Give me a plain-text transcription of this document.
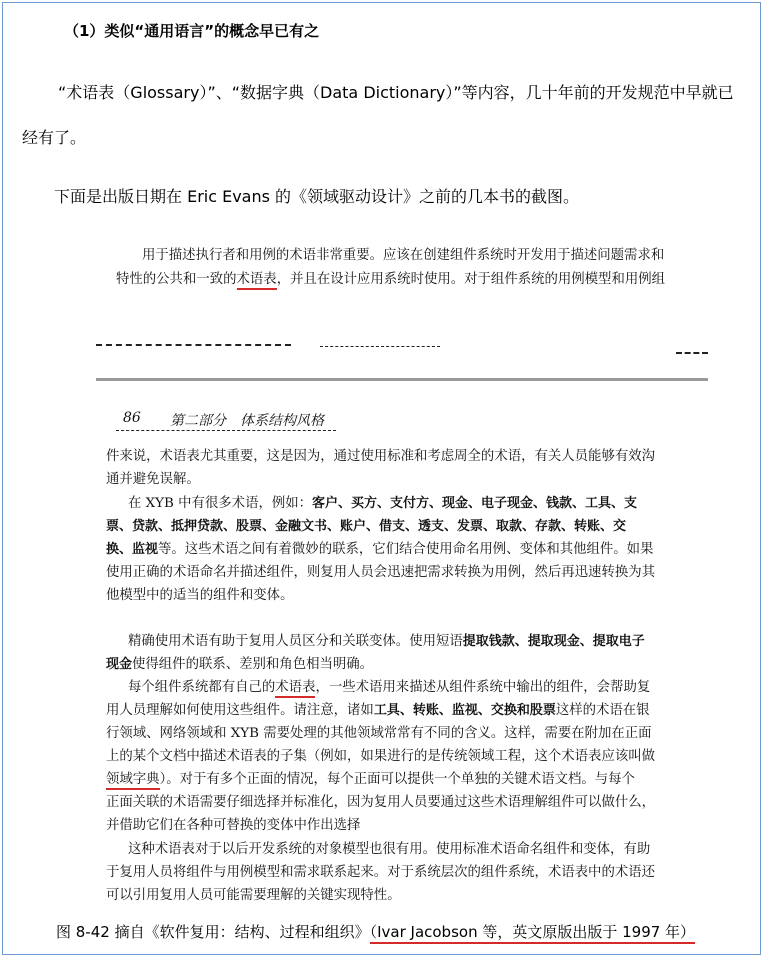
（1）类似“通用语言”的概念早已有之
“术语表（Glossary）”、“数据字典（Data Dictionary）”等内容，几十年前的开发规范中早就已
经有了。
下面是出版日期在 Eric Evans 的《领域驱动设计》之前的几本书的截图。
用于描述执行者和用例的术语非常重要。应该在创建组件系统时开发用于描述问题需求和
特性的公共和一致的术语表，并且在设计应用系统时使用。对于组件系统的用例模型和用例组
86 第二部分　体系结构风格
件来说，术语表尤其重要，这是因为，通过使用标准和考虑周全的术语，有关人员能够有效沟
通并避免误解。
在 XYB 中有很多术语，例如：客户、买方、支付方、现金、电子现金、钱款、工具、支
票、贷款、抵押贷款、股票、金融文书、账户、借支、透支、发票、取款、存款、转账、交
换、监视等。这些术语之间有着微妙的联系，它们结合使用命名用例、变体和其他组件。如果
使用正确的术语命名并描述组件，则复用人员会迅速把需求转换为用例，然后再迅速转换为其
他模型中的适当的组件和变体。
精确使用术语有助于复用人员区分和关联变体。使用短语提取钱款、提取现金、提取电子
现金使得组件的联系、差别和角色相当明确。
每个组件系统都有自己的术语表，一些术语用来描述从组件系统中输出的组件，会帮助复
用人员理解如何使用这些组件。请注意，诸如工具、转账、监视、交换和股票这样的术语在银
行领域、网络领域和 XYB 需要处理的其他领域常常有不同的含义。这样，需要在附加在正面
上的某个文档中描述术语表的子集（例如，如果进行的是传统领域工程，这个术语表应该叫做
领域字典）。对于有多个正面的情况，每个正面可以提供一个单独的关键术语文档。与每个
正面关联的术语需要仔细选择并标准化，因为复用人员要通过这些术语理解组件可以做什么，
并借助它们在各种可替换的变体中作出选择
这种术语表对于以后开发系统的对象模型也很有用。使用标准术语命名组件和变体，有助
于复用人员将组件与用例模型和需求联系起来。对于系统层次的组件系统，术语表中的术语还
可以引用复用人员可能需要理解的关键实现特性。
图 8-42 摘自《软件复用：结构、过程和组织》（Ivar Jacobson 等，英文原版出版于 1997 年）
